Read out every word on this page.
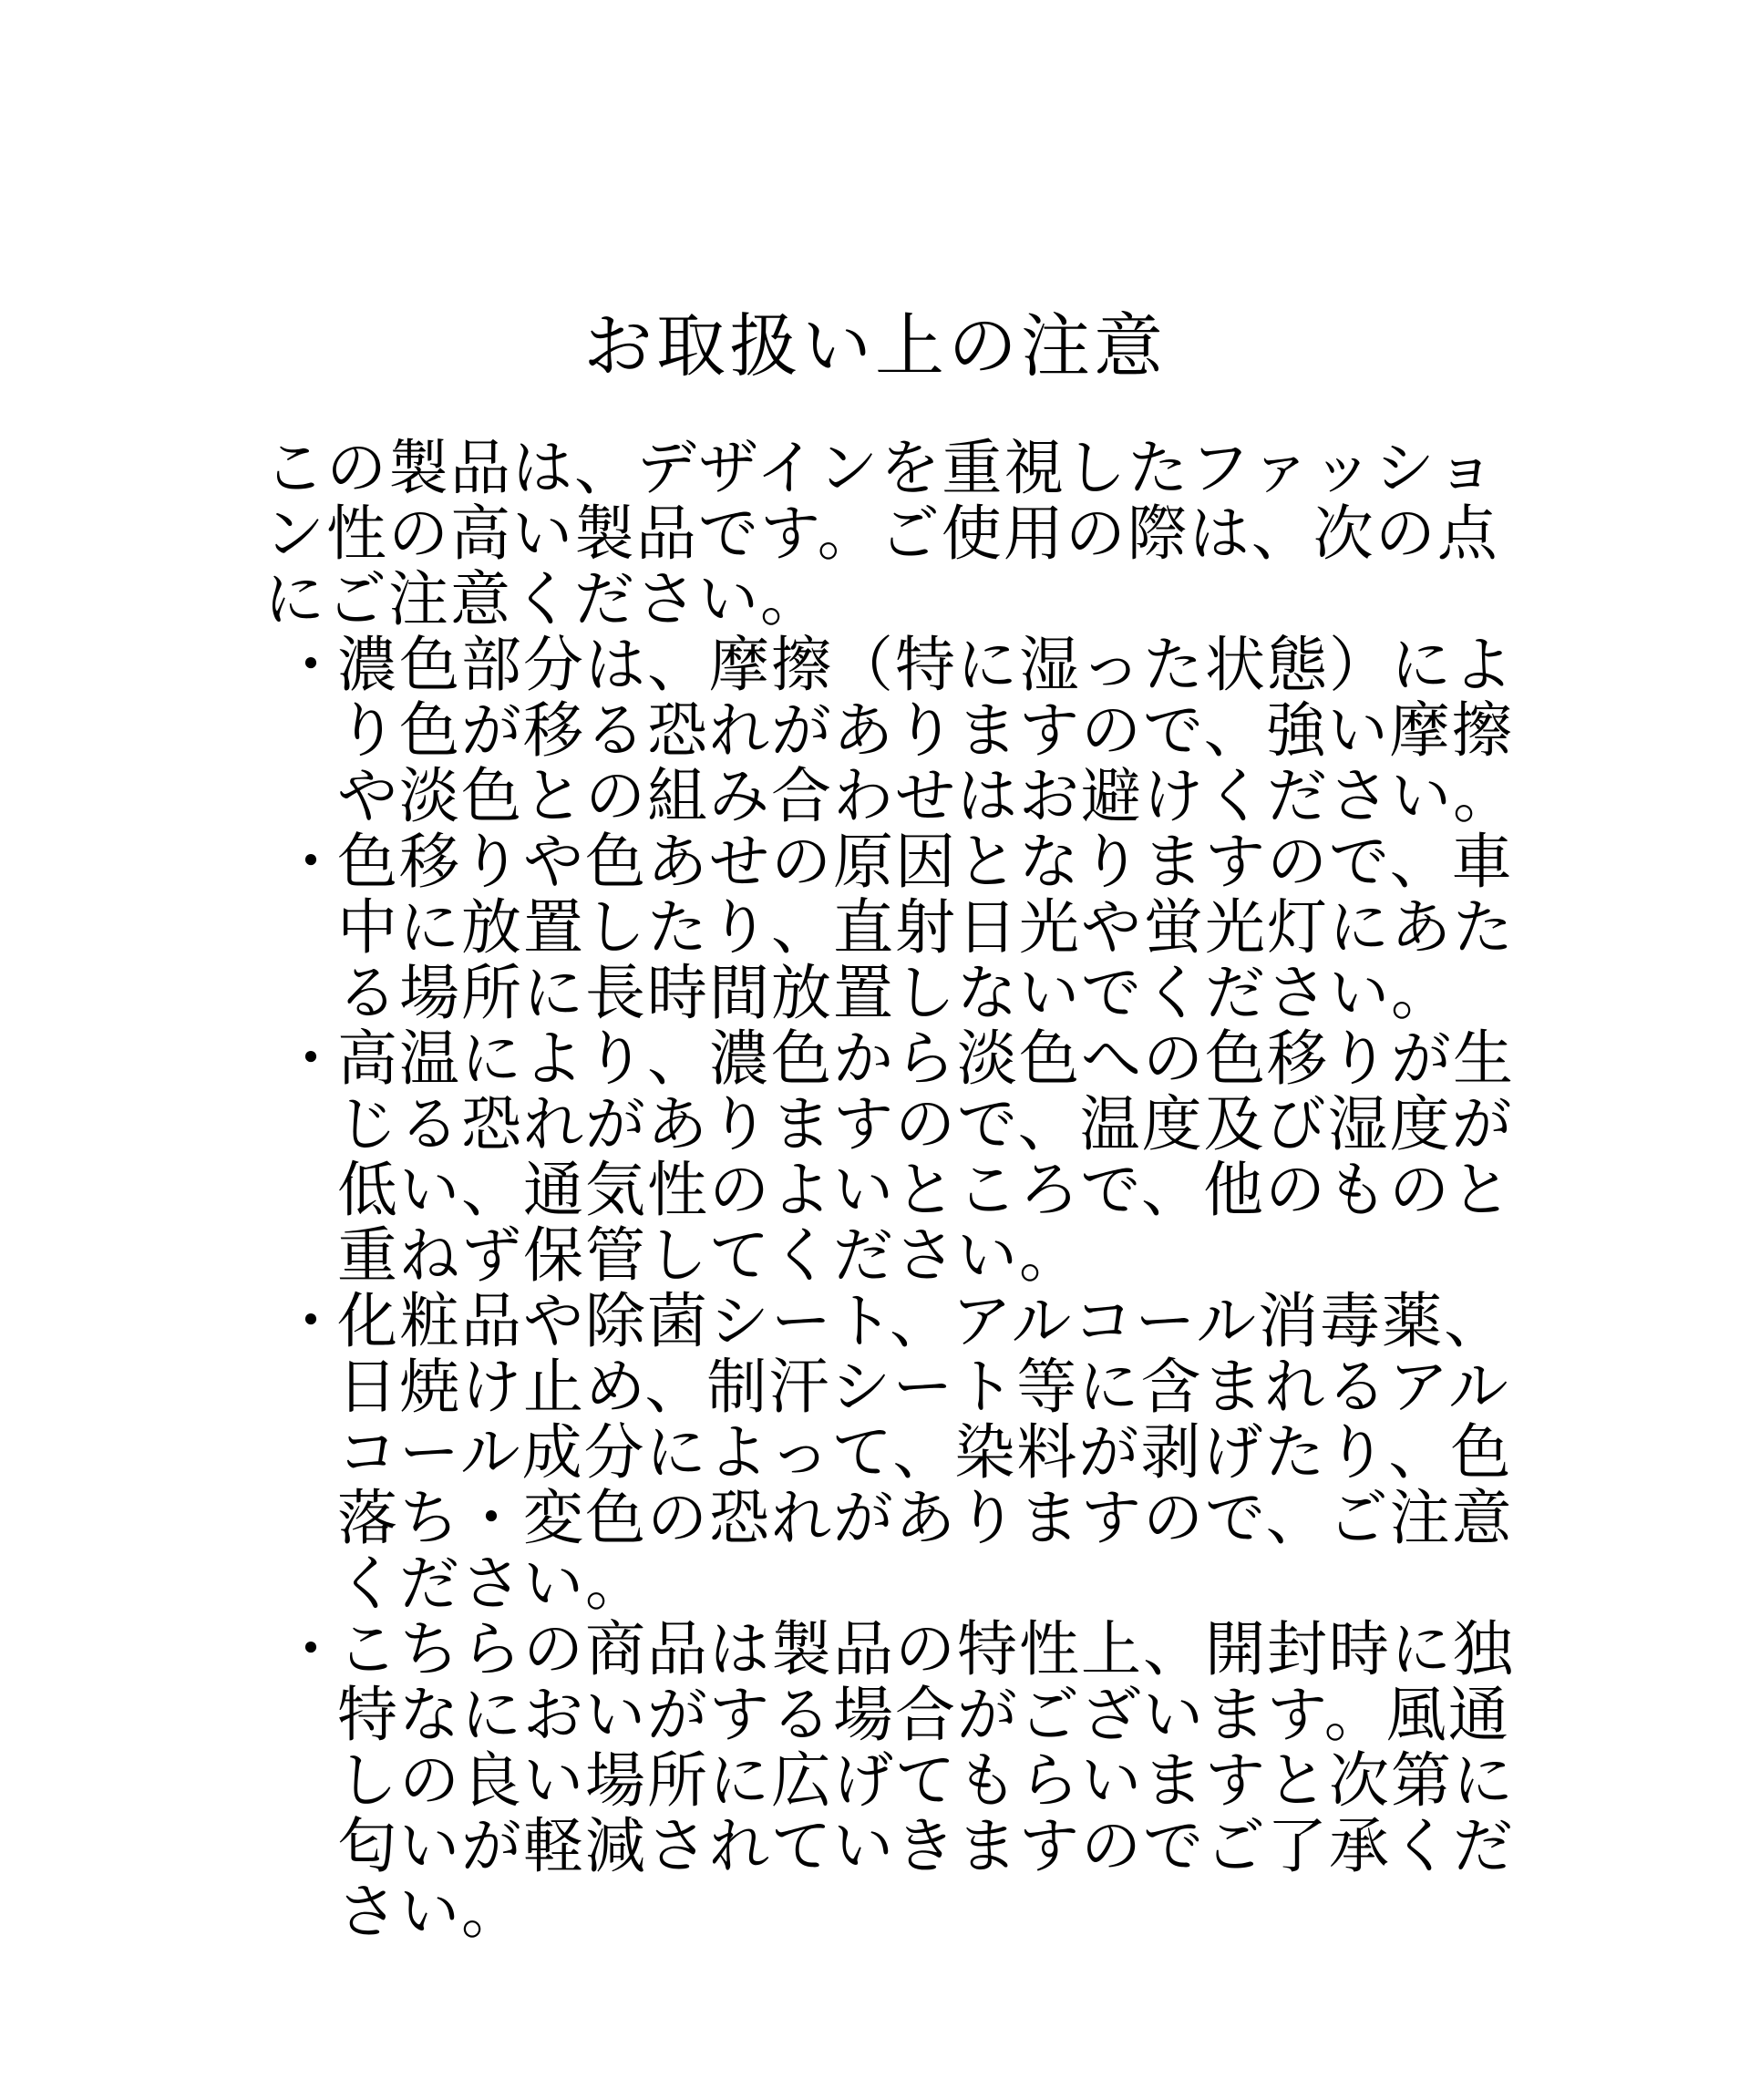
お取扱い上の注意
この製品は、デザインを重視したファッショ
ン性の高い製品です。ご使用の際は、次の点
にご注意ください。
・
濃色部分は、摩擦（特に湿った状態）によ
り色が移る恐れがありますので、強い摩擦
や淡色との組み合わせはお避けください。
・
色移りや色あせの原因となりますので、車
中に放置したり、直射日光や蛍光灯にあた
る場所に長時間放置しないでください。
・
高温により、濃色から淡色への色移りが生
じる恐れがありますので、温度及び湿度が
低い、通気性のよいところで、他のものと
重ねず保管してください。
・
化粧品や除菌シート、アルコール消毒薬、
日焼け止め、制汗シート等に含まれるアル
コール成分によって、染料が剥げたり、色
落ち・変色の恐れがありますので、ご注意
ください。
・
こちらの商品は製品の特性上、開封時に独
特なにおいがする場合がございます。風通
しの良い場所に広げてもらいますと次第に
匂いが軽減されていきますのでご了承くだ
さい。
